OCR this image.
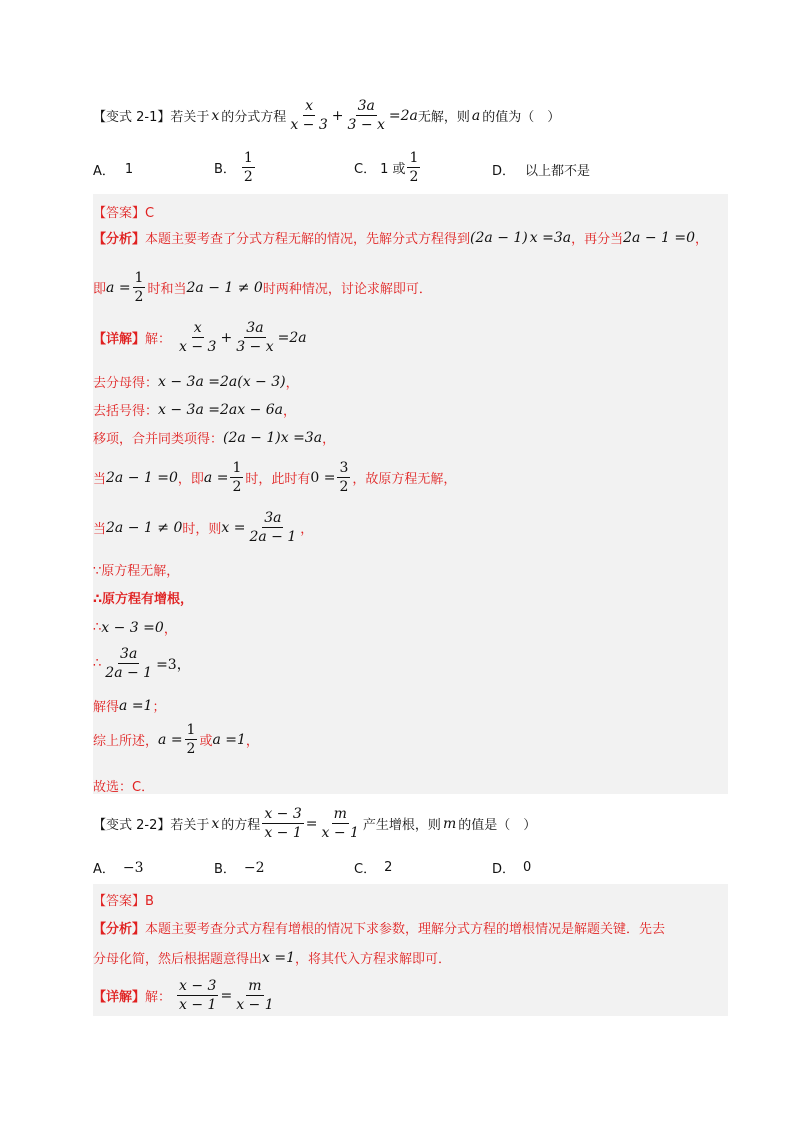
【变式 2-1】 若关于 x 的分式方程 $\frac{x}{x - 3} + \frac{3a}{3 - x} =2a$ 无解，则 a 的值为（　）
A． 1	B． $\frac{1}{2}$	C． 1 或 $\frac{1}{2}$	D． 以上都不是
【答案】C
【分析】 本题主要考查了分式方程无解的情况，先解分式方程得到 (2a − 1) x =3a ，再分当 2a − 1 =0 ，
即 $a = \frac{1}{2}$ 时和当 2a − 1 ≠ 0 时两种情况，讨论求解即可．
【详解】 解： $\frac{x}{x - 3} + \frac{3a}{3 - x} =2a$
去分母得： x − 3a =2a(x − 3) ，
去括号得： x − 3a =2ax − 6a ，
移项，合并同类项得： (2a − 1)x =3a ，
当 2a − 1 =0 ，即 $a = \frac{1}{2}$ 时，此时有 $0 = \frac{3}{2}$ ，故原方程无解，
当 2a − 1 ≠ 0 时，则 $x = \frac{3a}{2a - 1}$ ，
∵原方程无解，
∴原方程有增根，
∴ x − 3 =0 ，
∴ $\frac{3a}{2a - 1} =3$，
解得 a =1 ；
综上所述， $a = \frac{1}{2}$ 或 a =1 ，
故选：C．
【变式 2-2】 若关于 x 的方程 $\frac{x - 3}{x - 1} = \frac{m}{x - 1}$ 产生增根，则 m 的值是（　）
A． −3	B． −2	C． 2	D． 0
【答案】B
【分析】 本题主要考查分式方程有增根的情况下求参数，理解分式方程的增根情况是解题关键．先去
分母化简，然后根据题意得出 x =1 ，将其代入方程求解即可．
【详解】 解： $\frac{x - 3}{x - 1} = \frac{m}{x - 1}$
